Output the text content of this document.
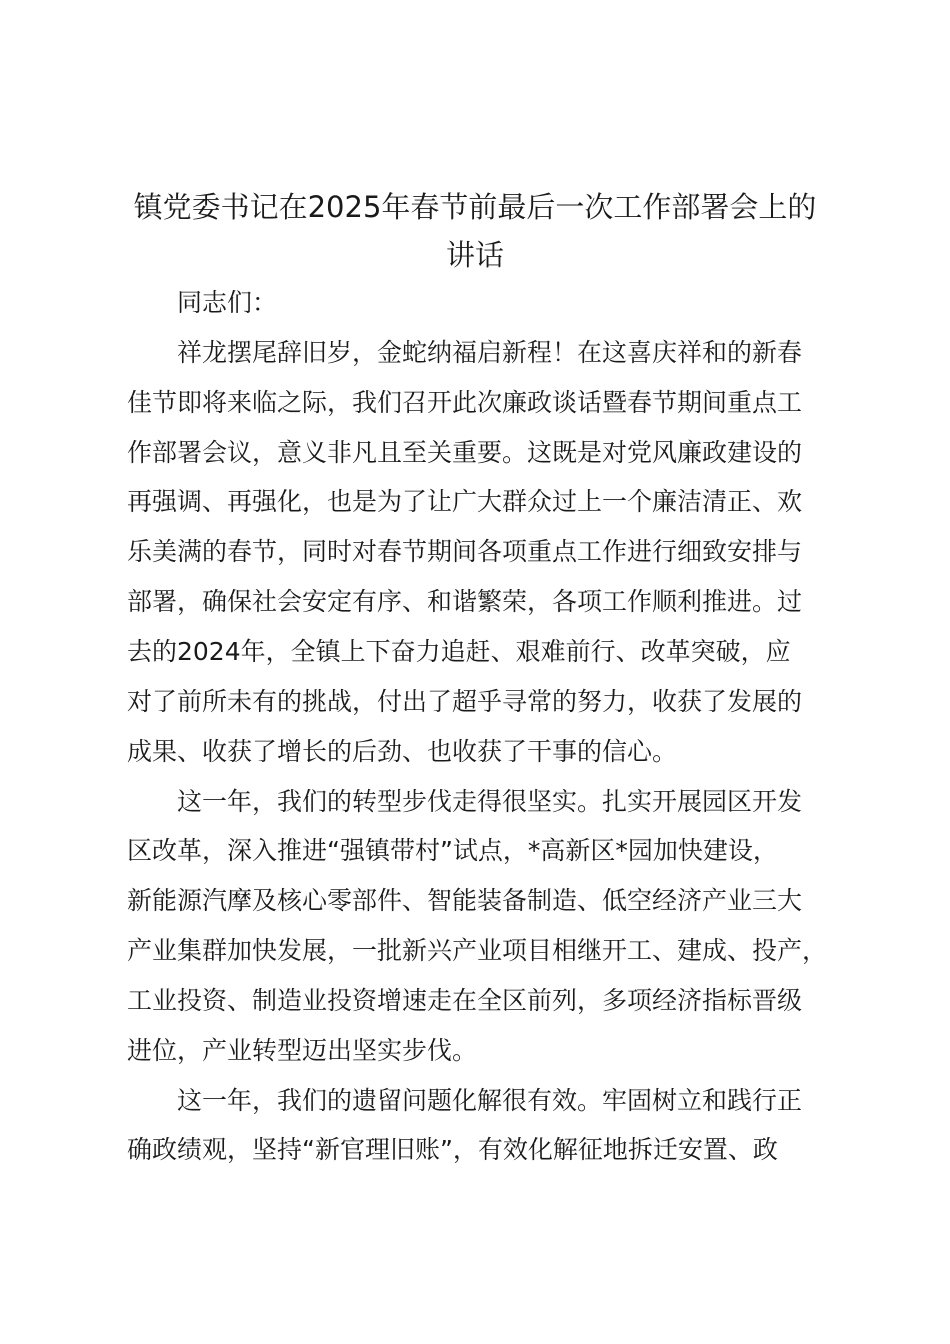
镇党委书记在2025年春节前最后一次工作部署会上的
讲话

同志们：

祥龙摆尾辞旧岁，金蛇纳福启新程！在这喜庆祥和的新春

佳节即将来临之际，我们召开此次廉政谈话暨春节期间重点工

作部署会议，意义非凡且至关重要。这既是对党风廉政建设的

再强调、再强化，也是为了让广大群众过上一个廉洁清正、欢

乐美满的春节，同时对春节期间各项重点工作进行细致安排与

部署，确保社会安定有序、和谐繁荣，各项工作顺利推进。过

去的2024年，全镇上下奋力追赶、艰难前行、改革突破，应

对了前所未有的挑战，付出了超乎寻常的努力，收获了发展的

成果、收获了增长的后劲、也收获了干事的信心。

这一年，我们的转型步伐走得很坚实。扎实开展园区开发

区改革，深入推进“强镇带村”试点，*高新区*园加快建设，

新能源汽摩及核心零部件、智能装备制造、低空经济产业三大

产业集群加快发展，一批新兴产业项目相继开工、建成、投产，

工业投资、制造业投资增速走在全区前列，多项经济指标晋级

进位，产业转型迈出坚实步伐。

这一年，我们的遗留问题化解很有效。牢固树立和践行正

确政绩观，坚持“新官理旧账”，有效化解征地拆迁安置、政
